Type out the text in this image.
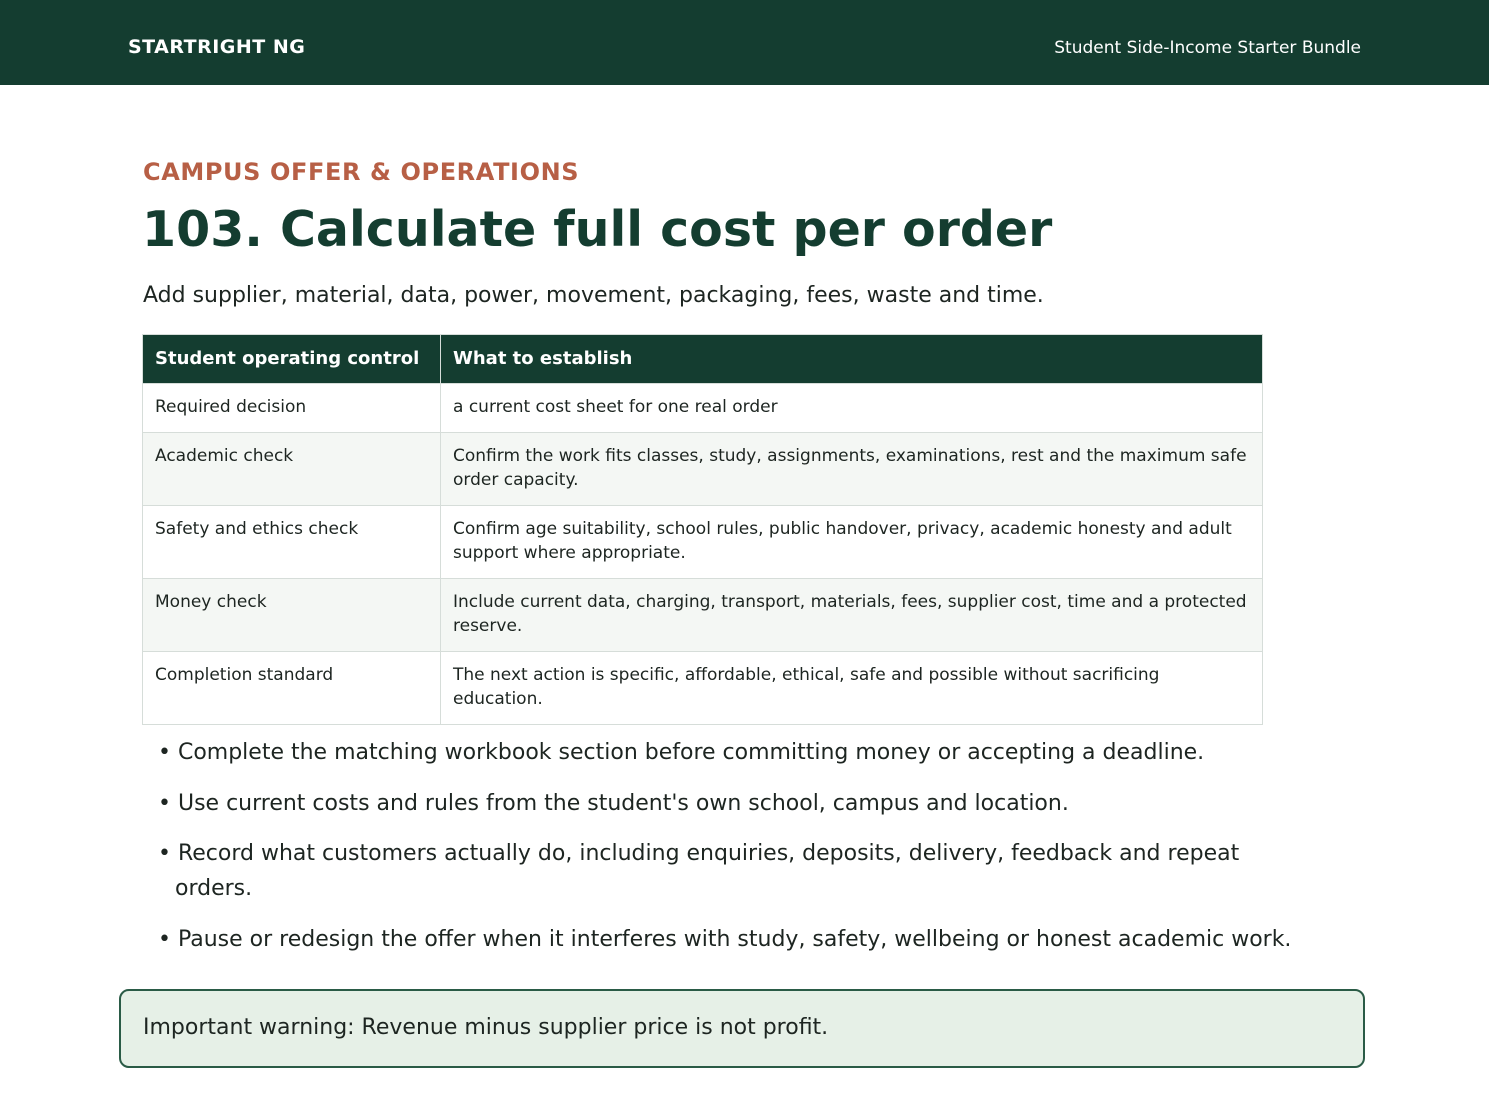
STARTRIGHT NG	Student Side-Income Starter Bundle
CAMPUS OFFER & OPERATIONS
103. Calculate full cost per order
Add supplier, material, data, power, movement, packaging, fees, waste and time.
Student operating control	What to establish
Required decision	a current cost sheet for one real order
Academic check	Confirm the work fits classes, study, assignments, examinations, rest and the maximum safe order capacity.
Safety and ethics check	Confirm age suitability, school rules, public handover, privacy, academic honesty and adult support where appropriate.
Money check	Include current data, charging, transport, materials, fees, supplier cost, time and a protected reserve.
Completion standard	The next action is specific, affordable, ethical, safe and possible without sacrificing education.
• Complete the matching workbook section before committing money or accepting a deadline.
• Use current costs and rules from the student's own school, campus and location.
• Record what customers actually do, including enquiries, deposits, delivery, feedback and repeat orders.
• Pause or redesign the offer when it interferes with study, safety, wellbeing or honest academic work.
Important warning: Revenue minus supplier price is not profit.
